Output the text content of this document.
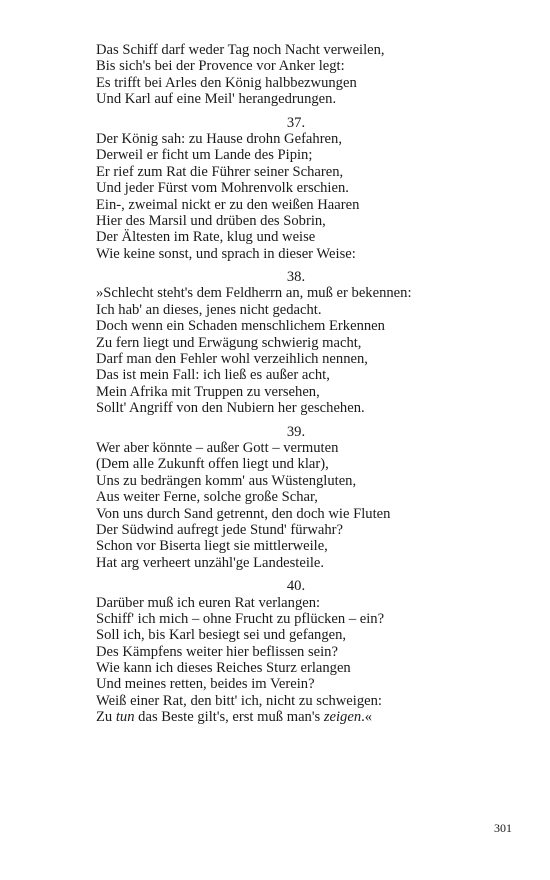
Das Schiff darf weder Tag noch Nacht verweilen,
Bis sich's bei der Provence vor Anker legt:
Es trifft bei Arles den König halbbezwungen
Und Karl auf eine Meil' herangedrungen.
37.
Der König sah: zu Hause drohn Gefahren,
Derweil er ficht um Lande des Pipin;
Er rief zum Rat die Führer seiner Scharen,
Und jeder Fürst vom Mohrenvolk erschien.
Ein-, zweimal nickt er zu den weißen Haaren
Hier des Marsil und drüben des Sobrin,
Der Ältesten im Rate, klug und weise
Wie keine sonst, und sprach in dieser Weise:
38.
»Schlecht steht's dem Feldherrn an, muß er bekennen:
Ich hab' an dieses, jenes nicht gedacht.
Doch wenn ein Schaden menschlichem Erkennen
Zu fern liegt und Erwägung schwierig macht,
Darf man den Fehler wohl verzeihlich nennen,
Das ist mein Fall: ich ließ es außer acht,
Mein Afrika mit Truppen zu versehen,
Sollt' Angriff von den Nubiern her geschehen.
39.
Wer aber könnte – außer Gott – vermuten
(Dem alle Zukunft offen liegt und klar),
Uns zu bedrängen komm' aus Wüstengluten,
Aus weiter Ferne, solche große Schar,
Von uns durch Sand getrennt, den doch wie Fluten
Der Südwind aufregt jede Stund' fürwahr?
Schon vor Biserta liegt sie mittlerweile,
Hat arg verheert unzähl'ge Landesteile.
40.
Darüber muß ich euren Rat verlangen:
Schiff' ich mich – ohne Frucht zu pflücken – ein?
Soll ich, bis Karl besiegt sei und gefangen,
Des Kämpfens weiter hier beflissen sein?
Wie kann ich dieses Reiches Sturz erlangen
Und meines retten, beides im Verein?
Weiß einer Rat, den bitt' ich, nicht zu schweigen:
Zu tun das Beste gilt's, erst muß man's zeigen.«
301
